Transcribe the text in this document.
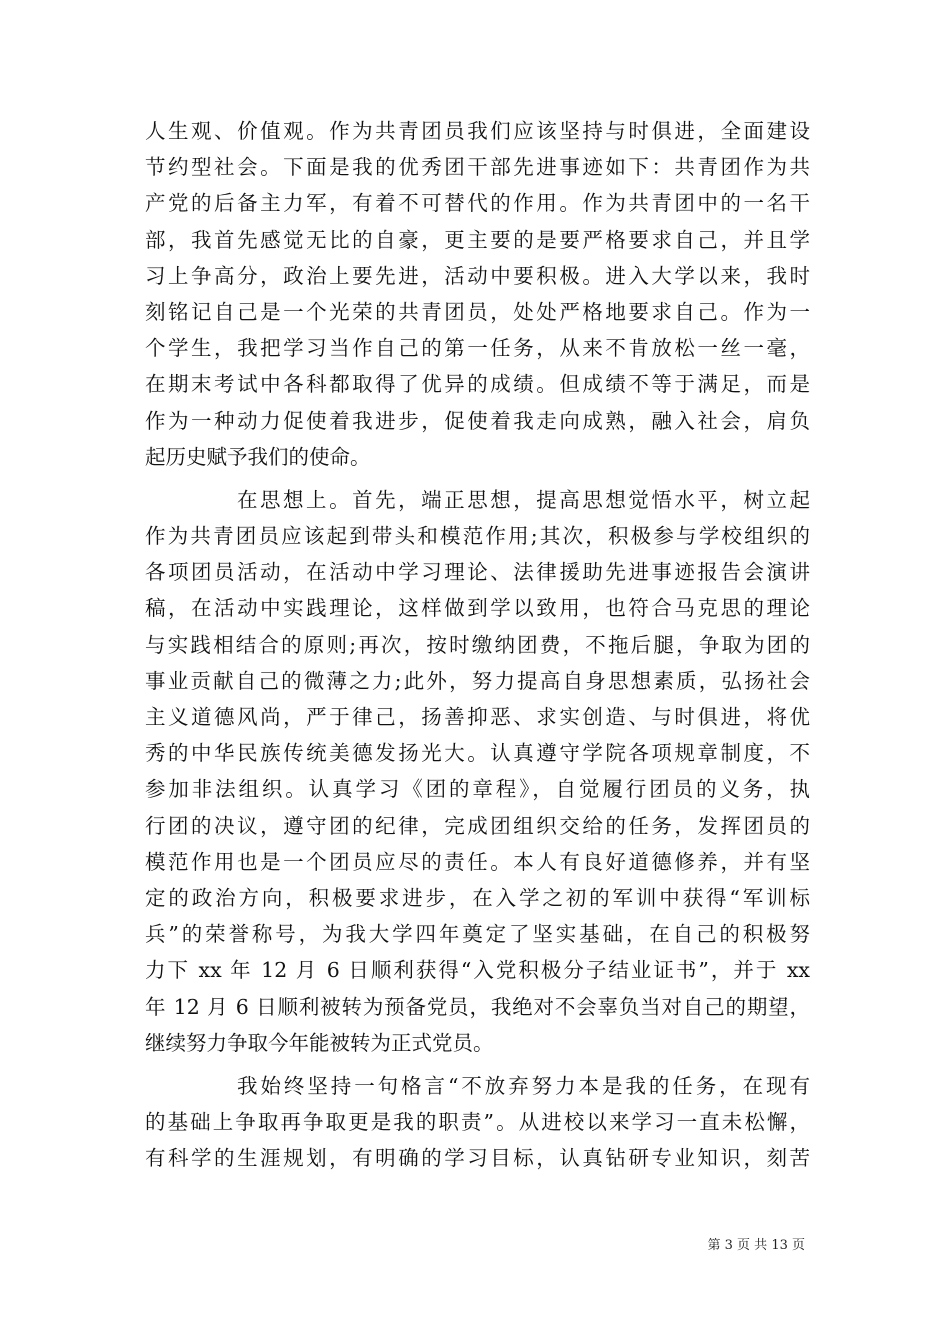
人生观、价值观。作为共青团员我们应该坚持与时俱进，全面建设
节约型社会。下面是我的优秀团干部先进事迹如下：共青团作为共
产党的后备主力军，有着不可替代的作用。作为共青团中的一名干
部，我首先感觉无比的自豪，更主要的是要严格要求自己，并且学
习上争高分，政治上要先进，活动中要积极。进入大学以来，我时
刻铭记自己是一个光荣的共青团员，处处严格地要求自己。作为一
个学生，我把学习当作自己的第一任务，从来不肯放松一丝一毫，
在期末考试中各科都取得了优异的成绩。但成绩不等于满足，而是
作为一种动力促使着我进步，促使着我走向成熟，融入社会，肩负
起历史赋予我们的使命。
在思想上。首先，端正思想，提高思想觉悟水平，树立起
作为共青团员应该起到带头和模范作用;其次，积极参与学校组织的
各项团员活动，在活动中学习理论、法律援助先进事迹报告会演讲
稿，在活动中实践理论，这样做到学以致用，也符合马克思的理论
与实践相结合的原则;再次，按时缴纳团费，不拖后腿，争取为团的
事业贡献自己的微薄之力;此外，努力提高自身思想素质，弘扬社会
主义道德风尚，严于律己，扬善抑恶、求实创造、与时俱进，将优
秀的中华民族传统美德发扬光大。认真遵守学院各项规章制度，不
参加非法组织。认真学习《团的章程》，自觉履行团员的义务，执
行团的决议，遵守团的纪律，完成团组织交给的任务，发挥团员的
模范作用也是一个团员应尽的责任。本人有良好道德修养，并有坚
定的政治方向，积极要求进步，在入学之初的军训中获得“军训标
兵”的荣誉称号，为我大学四年奠定了坚实基础，在自己的积极努
力下 xx 年 12 月 6 日顺利获得“入党积极分子结业证书”，并于 xx
年 12 月 6 日顺利被转为预备党员，我绝对不会辜负当对自己的期望，
继续努力争取今年能被转为正式党员。
我始终坚持一句格言“不放弃努力本是我的任务，在现有
的基础上争取再争取更是我的职责”。从进校以来学习一直未松懈，
有科学的生涯规划，有明确的学习目标，认真钻研专业知识，刻苦
第 3 页 共 13 页
